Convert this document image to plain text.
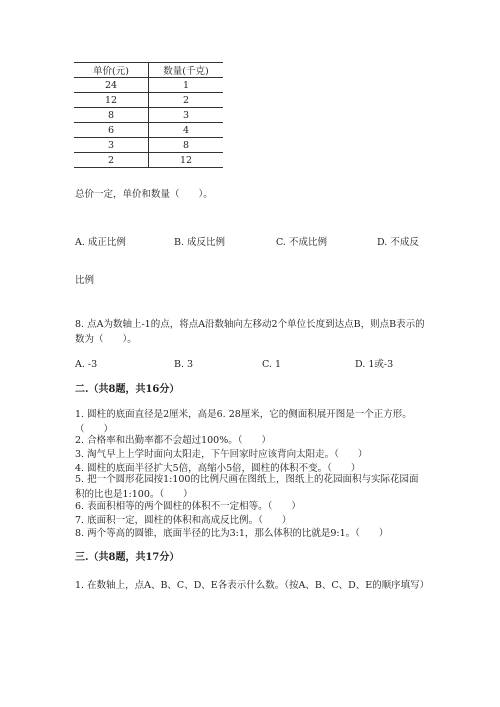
单价(元)	数量(千克)
24	1
12	2
8	3
6	4
3	8
2	12
总价一定，单价和数量（　　）。
A. 成正比例	B. 成反比例	C. 不成比例	D. 不成反
比例
8. 点A为数轴上-1的点，将点A沿数轴向左移动2个单位长度到达点B，则点B表示的数为（　　）。
A. -3	B. 3	C. 1	D. 1或-3
二.（共8题，共16分）
1. 圆柱的底面直径是2厘米，高是6. 28厘米，它的侧面积展开图是一个正方形。（　　）
2. 合格率和出勤率都不会超过100%。（　　）
3. 淘气早上上学时面向太阳走，下午回家时应该背向太阳走。（　　）
4. 圆柱的底面半径扩大5倍，高缩小5倍，圆柱的体积不变。（　　）
5. 把一个圆形花园按1:100的比例尺画在图纸上，图纸上的花园面积与实际花园面积的比也是1:100。（　　）
6. 表面积相等的两个圆柱的体积不一定相等。（　　）
7. 底面积一定，圆柱的体积和高成反比例。（　　）
8. 两个等高的圆锥，底面半径的比为3:1，那么体积的比就是9:1。（　　）
三.（共8题，共17分）
1. 在数轴上，点A、B、C、D、E各表示什么数。（按A、B、C、D、E的顺序填写）
